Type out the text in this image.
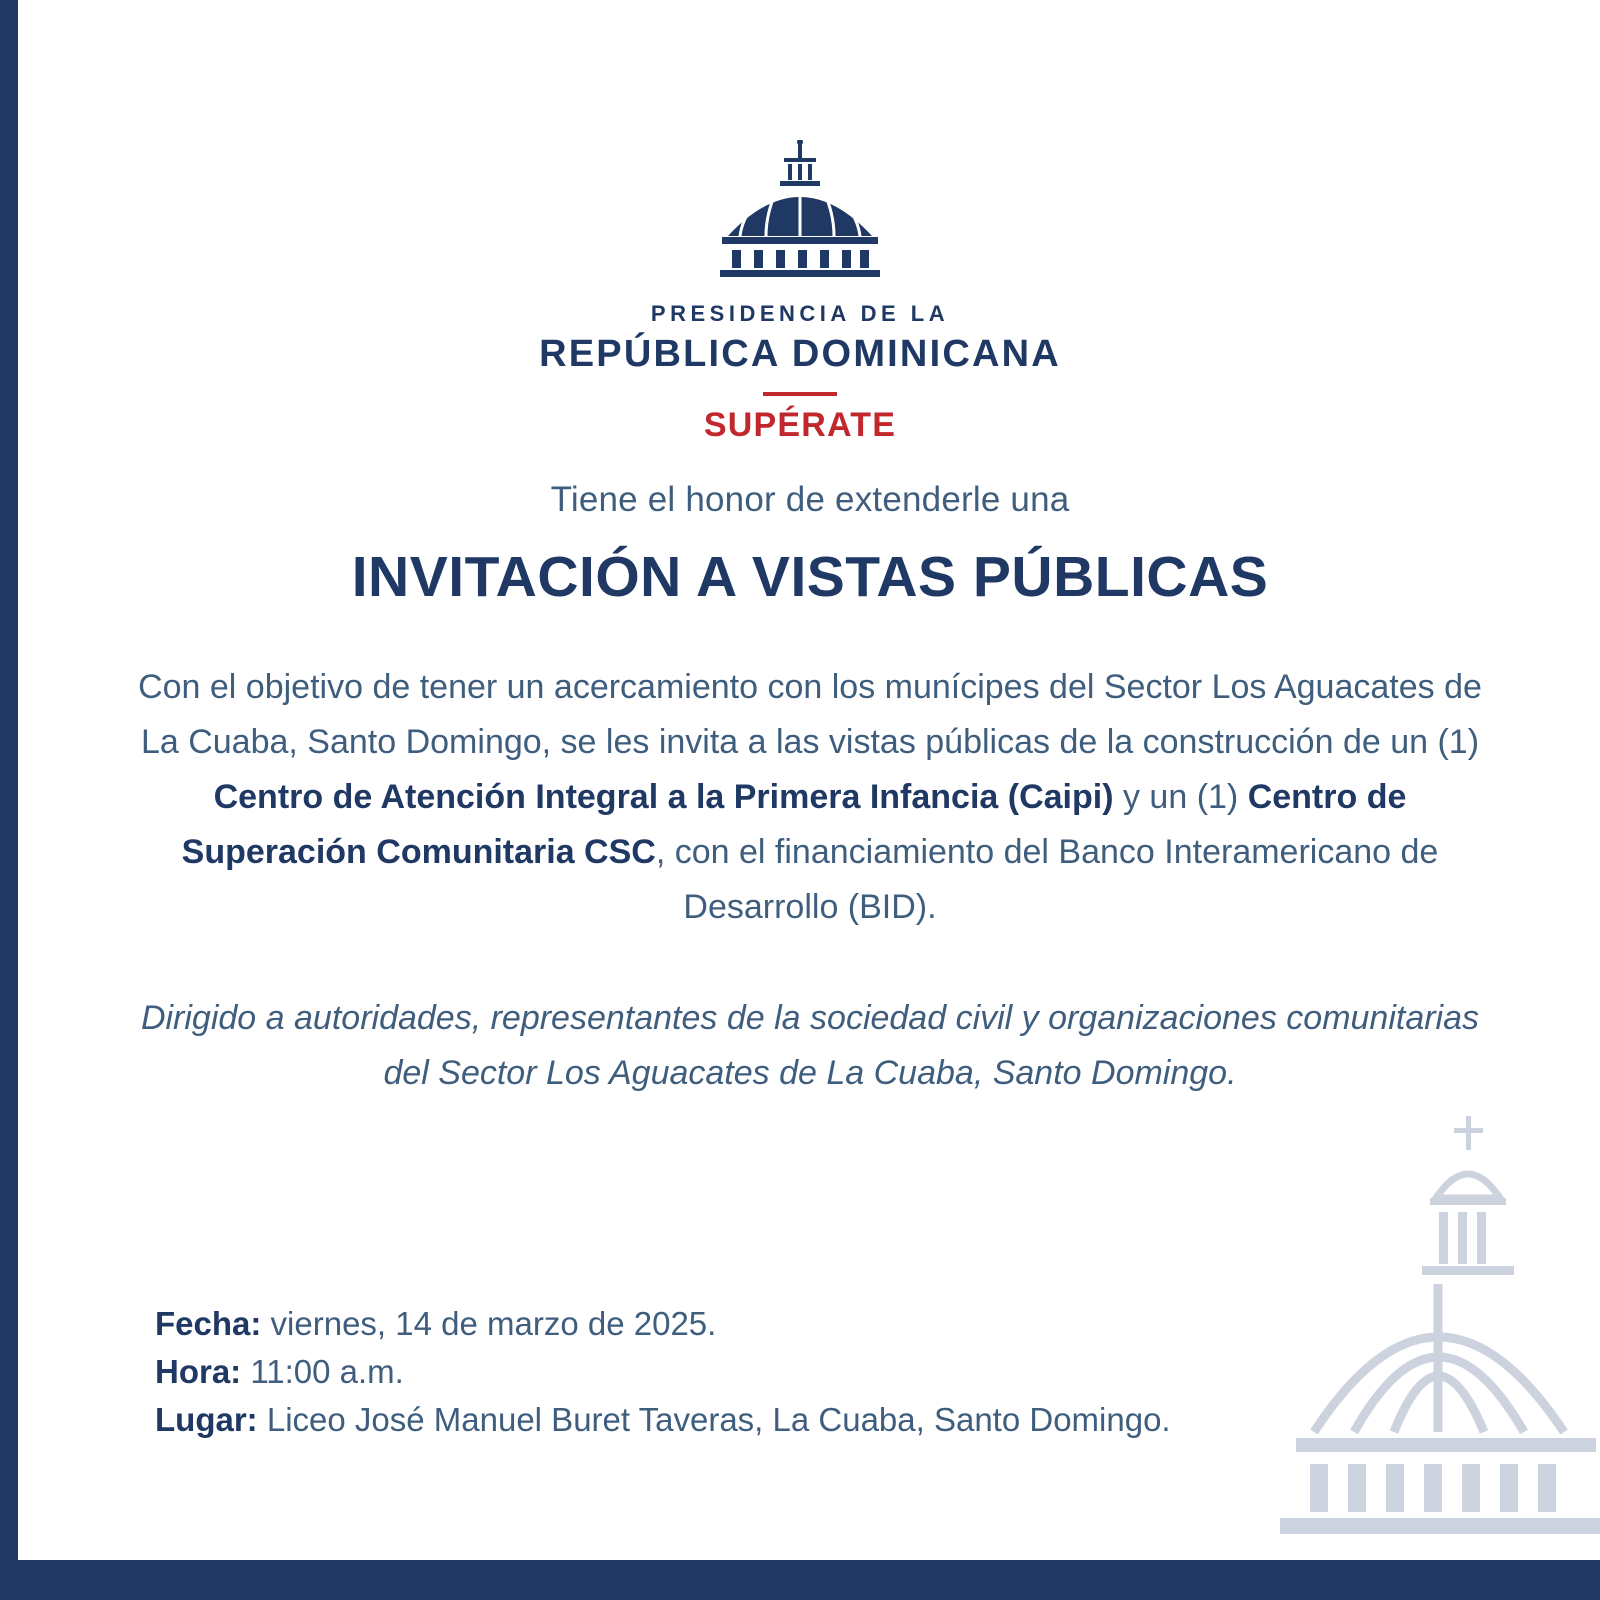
PRESIDENCIA DE LA
REPÚBLICA DOMINICANA
SUPÉRATE
Tiene el honor de extenderle una
INVITACIÓN A VISTAS PÚBLICAS
Con el objetivo de tener un acercamiento con los munícipes del Sector Los Aguacates de La Cuaba, Santo Domingo, se les invita a las vistas públicas de la construcción de un (1) Centro de Atención Integral a la Primera Infancia (Caipi) y un (1) Centro de Superación Comunitaria CSC, con el financiamiento del Banco Interamericano de Desarrollo (BID).
Dirigido a autoridades, representantes de la sociedad civil y organizaciones comunitarias del Sector Los Aguacates de La Cuaba, Santo Domingo.
Fecha: viernes, 14 de marzo de 2025.
Hora: 11:00 a.m.
Lugar: Liceo José Manuel Buret Taveras, La Cuaba, Santo Domingo.
